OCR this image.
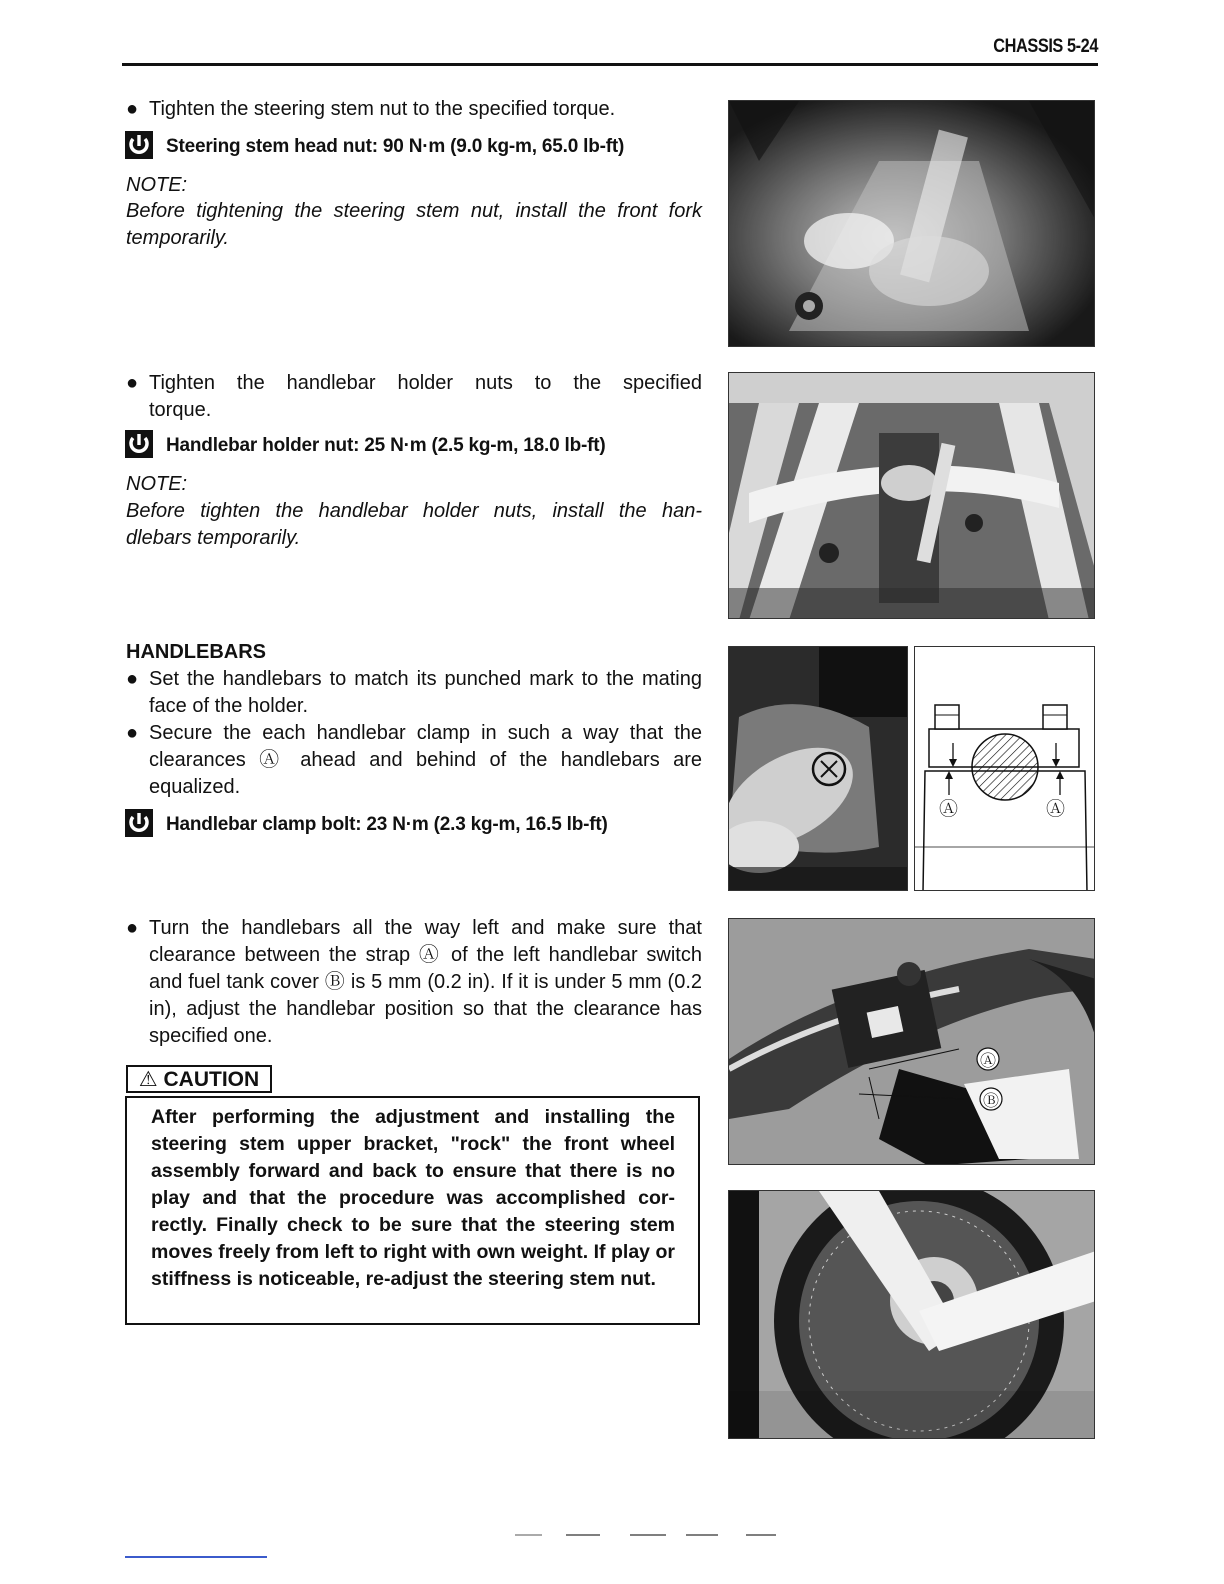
CHASSIS 5-24
● Tighten the steering stem nut to the specified torque.
Steering stem head nut: 90 N·m (9.0 kg-m, 65.0 lb-ft)
NOTE:
Before tightening the steering stem nut, install the front fork temporarily.
● Tighten the handlebar holder nuts to the specified
torque.
Handlebar holder nut: 25 N·m (2.5 kg-m, 18.0 lb-ft)
NOTE:
Before tighten the handlebar holder nuts, install the han-
dlebars temporarily.
HANDLEBARS
● Set the handlebars to match its punched mark to the mating face of the holder.
● Secure the each handlebar clamp in such a way that the clearances Ⓐ ahead and behind of the handlebars are equalized.
Handlebar clamp bolt: 23 N·m (2.3 kg-m, 16.5 lb-ft)
● Turn the handlebars all the way left and make sure that clearance between the strap Ⓐ of the left handlebar switch and fuel tank cover Ⓑ is 5 mm (0.2 in). If it is under 5 mm (0.2 in), adjust the handlebar position so that the clearance has specified one.
⚠ CAUTION
After performing the adjustment and installing the steering stem upper bracket, "rock" the front wheel assembly forward and back to ensure that there is no play and that the procedure was accomplished cor-rectly. Finally check to be sure that the steering stem moves freely from left to right with own weight. If play or stiffness is noticeable, re-adjust the steering stem nut.
Ⓐ	Ⓐ
Ⓐ
Ⓑ
